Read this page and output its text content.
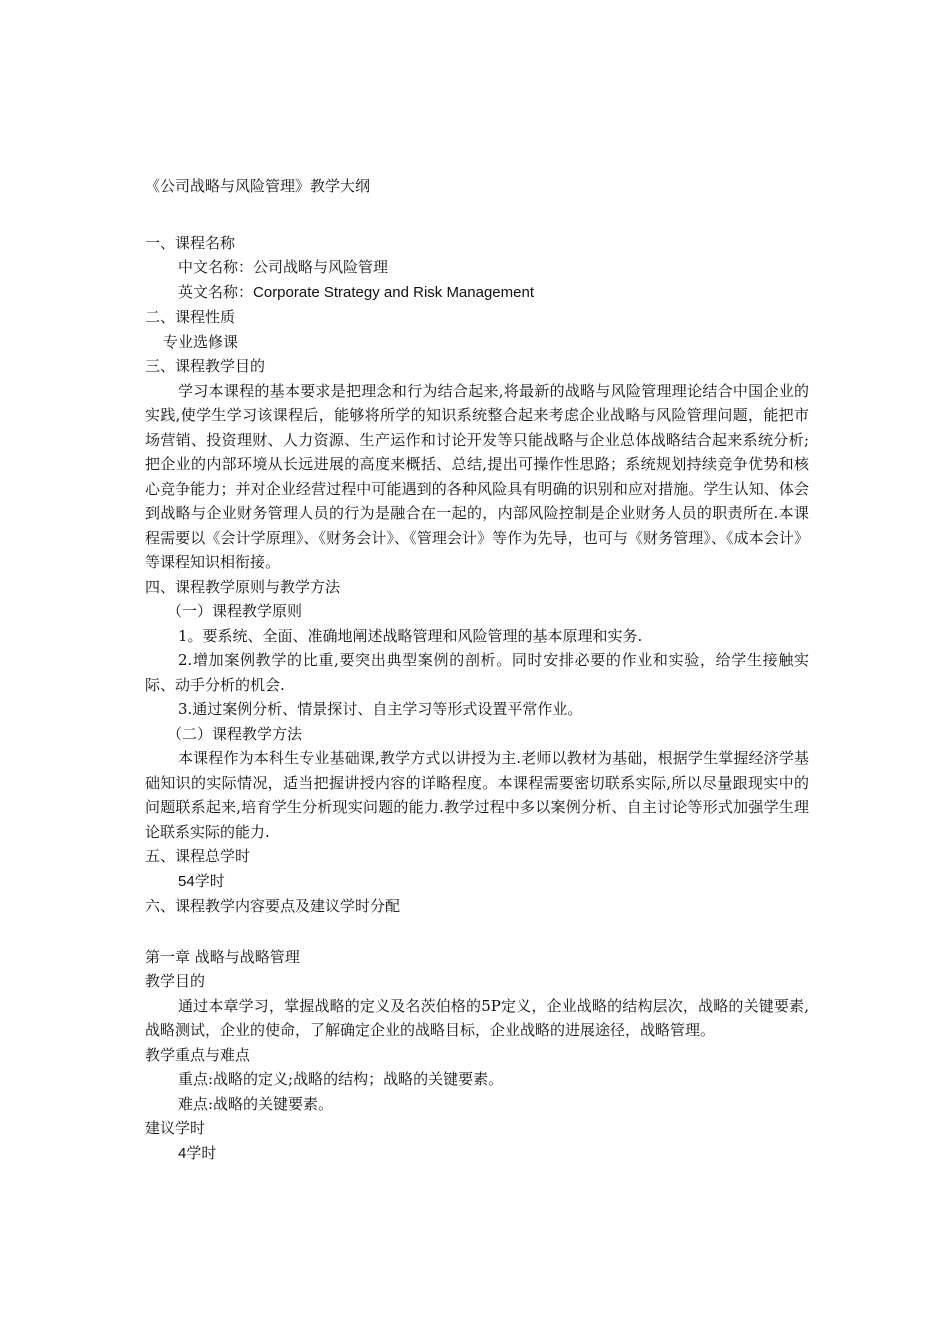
《公司战略与风险管理》教学大纲

一、课程名称

中文名称：公司战略与风险管理

英文名称：Corporate Strategy and Risk Management

二、课程性质

专业选修课

三、课程教学目的

学习本课程的基本要求是把理念和行为结合起来,将最新的战略与风险管理理论结合中国企业的实践,使学生学习该课程后，能够将所学的知识系统整合起来考虑企业战略与风险管理问题，能把市场营销、投资理财、人力资源、生产运作和讨论开发等只能战略与企业总体战略结合起来系统分析;把企业的内部环境从长远进展的高度来概括、总结,提出可操作性思路；系统规划持续竞争优势和核心竞争能力；并对企业经营过程中可能遇到的各种风险具有明确的识别和应对措施。学生认知、体会到战略与企业财务管理人员的行为是融合在一起的，内部风险控制是企业财务人员的职责所在.本课程需要以《会计学原理》、《财务会计》、《管理会计》等作为先导，也可与《财务管理》、《成本会计》等课程知识相衔接。

四、课程教学原则与教学方法

（一）课程教学原则

1。要系统、全面、准确地阐述战略管理和风险管理的基本原理和实务.

2.增加案例教学的比重,要突出典型案例的剖析。同时安排必要的作业和实验，给学生接触实际、动手分析的机会.

3.通过案例分析、情景探讨、自主学习等形式设置平常作业。

（二）课程教学方法

本课程作为本科生专业基础课,教学方式以讲授为主.老师以教材为基础，根据学生掌握经济学基础知识的实际情况，适当把握讲授内容的详略程度。本课程需要密切联系实际,所以尽量跟现实中的问题联系起来,培育学生分析现实问题的能力.教学过程中多以案例分析、自主讨论等形式加强学生理论联系实际的能力.

五、课程总学时

54学时

六、课程教学内容要点及建议学时分配

第一章 战略与战略管理

教学目的

通过本章学习，掌握战略的定义及名茨伯格的5P定义，企业战略的结构层次，战略的关键要素,战略测试，企业的使命，了解确定企业的战略目标，企业战略的进展途径，战略管理。

教学重点与难点

重点:战略的定义;战略的结构；战略的关键要素。

难点:战略的关键要素。

建议学时

4学时
